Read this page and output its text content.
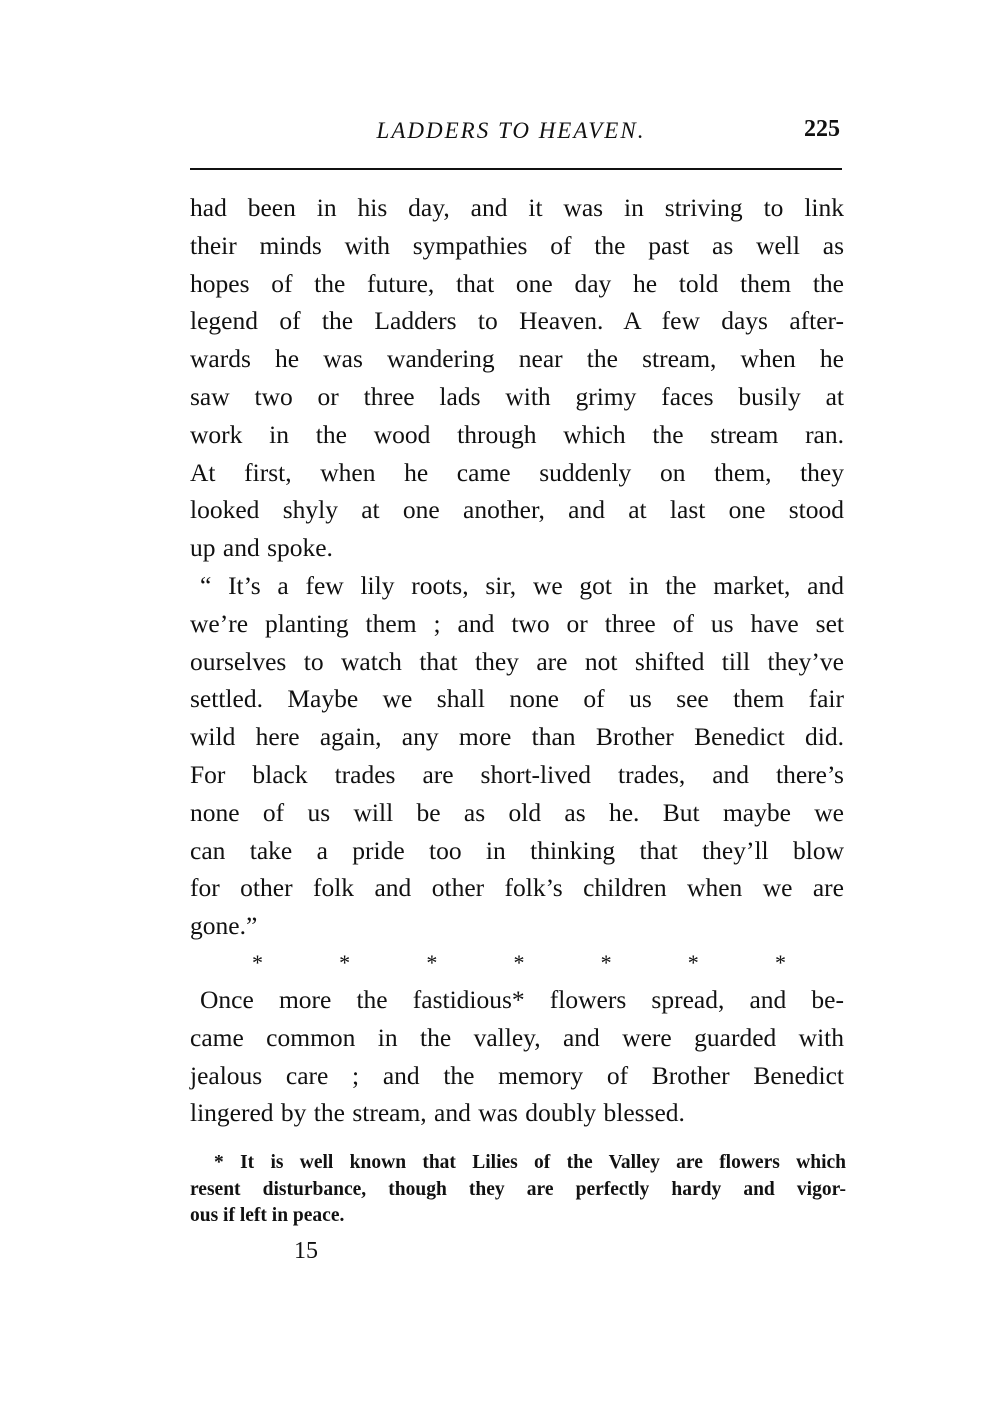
LADDERS TO HEAVEN.	225
had been in his day, and it was in striving to link
their minds with sympathies of the past as well as
hopes of the future, that one day he told them the
legend of the Ladders to Heaven. A few days after-
wards he was wandering near the stream, when he
saw two or three lads with grimy faces busily at
work in the wood through which the stream ran.
At first, when he came suddenly on them, they
looked shyly at one another, and at last one stood
up and spoke.
“ It’s a few lily roots, sir, we got in the market, and
we’re planting them ; and two or three of us have set
ourselves to watch that they are not shifted till they’ve
settled. Maybe we shall none of us see them fair
wild here again, any more than Brother Benedict did.
For black trades are short-lived trades, and there’s
none of us will be as old as he. But maybe we
can take a pride too in thinking that they’ll blow
for other folk and other folk’s children when we are
gone.”
*	*	*	*	*	*	*
Once more the fastidious* flowers spread, and be-
came common in the valley, and were guarded with
jealous care ; and the memory of Brother Benedict
lingered by the stream, and was doubly blessed.
* It is well known that Lilies of the Valley are flowers which
resent disturbance, though they are perfectly hardy and vigor-
ous if left in peace.
15
